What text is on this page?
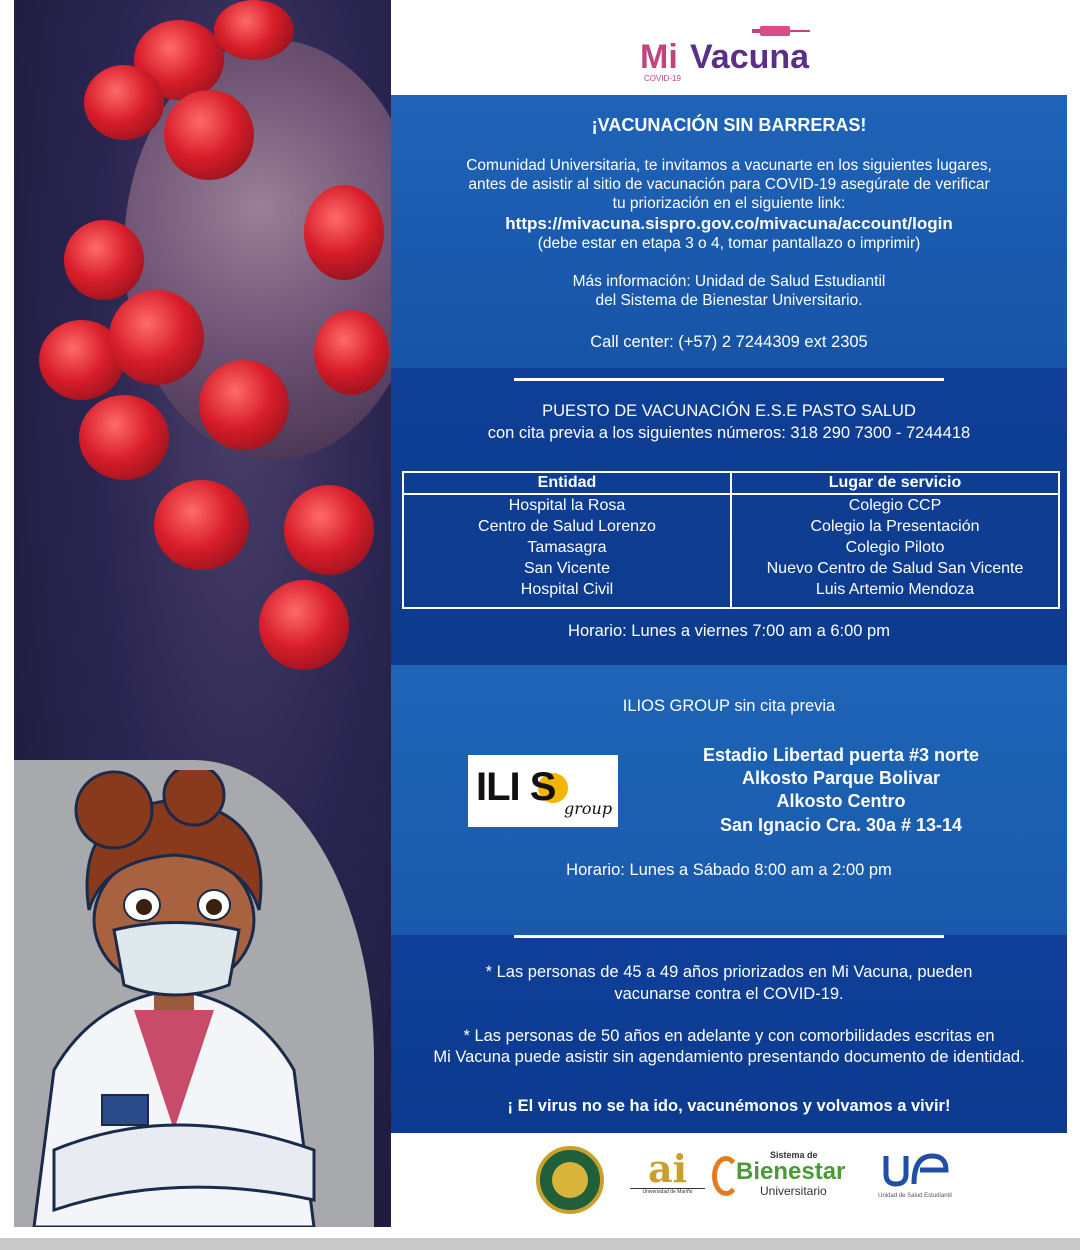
Mi Vacuna
COVID-19
¡VACUNACIÓN SIN BARRERAS!
Comunidad Universitaria, te invitamos a vacunarte en los siguientes lugares,
antes de asistir al sitio de vacunación para COVID-19 asegúrate de verificar
tu priorización en el siguiente link:
https://mivacuna.sispro.gov.co/mivacuna/account/login
(debe estar en etapa 3 o 4, tomar pantallazo o imprimir)
Más información: Unidad de Salud Estudiantil
del Sistema de Bienestar Universitario.
Call center: (+57) 2 7244309 ext 2305
PUESTO DE VACUNACIÓN E.S.E PASTO SALUD
con cita previa a los siguientes números: 318 290 7300 - 7244418
Entidad
Hospital la Rosa
Centro de Salud Lorenzo
Tamasagra
San Vicente
Hospital Civil
Lugar de servicio
Colegio CCP
Colegio la Presentación
Colegio Piloto
Nuevo Centro de Salud San Vicente
Luis Artemio Mendoza
Horario: Lunes a viernes 7:00 am a 6:00 pm
ILIOS GROUP sin cita previa
ILI S group
Estadio Libertad puerta #3 norte
Alkosto Parque Bolivar
Alkosto Centro
San Ignacio Cra. 30a # 13-14
Horario: Lunes a Sábado 8:00 am a 2:00 pm
* Las personas de 45 a 49 años priorizados en Mi Vacuna, pueden
vacunarse contra el COVID-19.
* Las personas de 50 años en adelante y con comorbilidades escritas en
Mi Vacuna puede asistir sin agendamiento presentando documento de identidad.
¡ El virus no se ha ido, vacunémonos y volvamos a vivir!
ai
Universidad de Mariño
Sistema de
Bienestar
Universitario	Unidad de Salud Estudiantil
